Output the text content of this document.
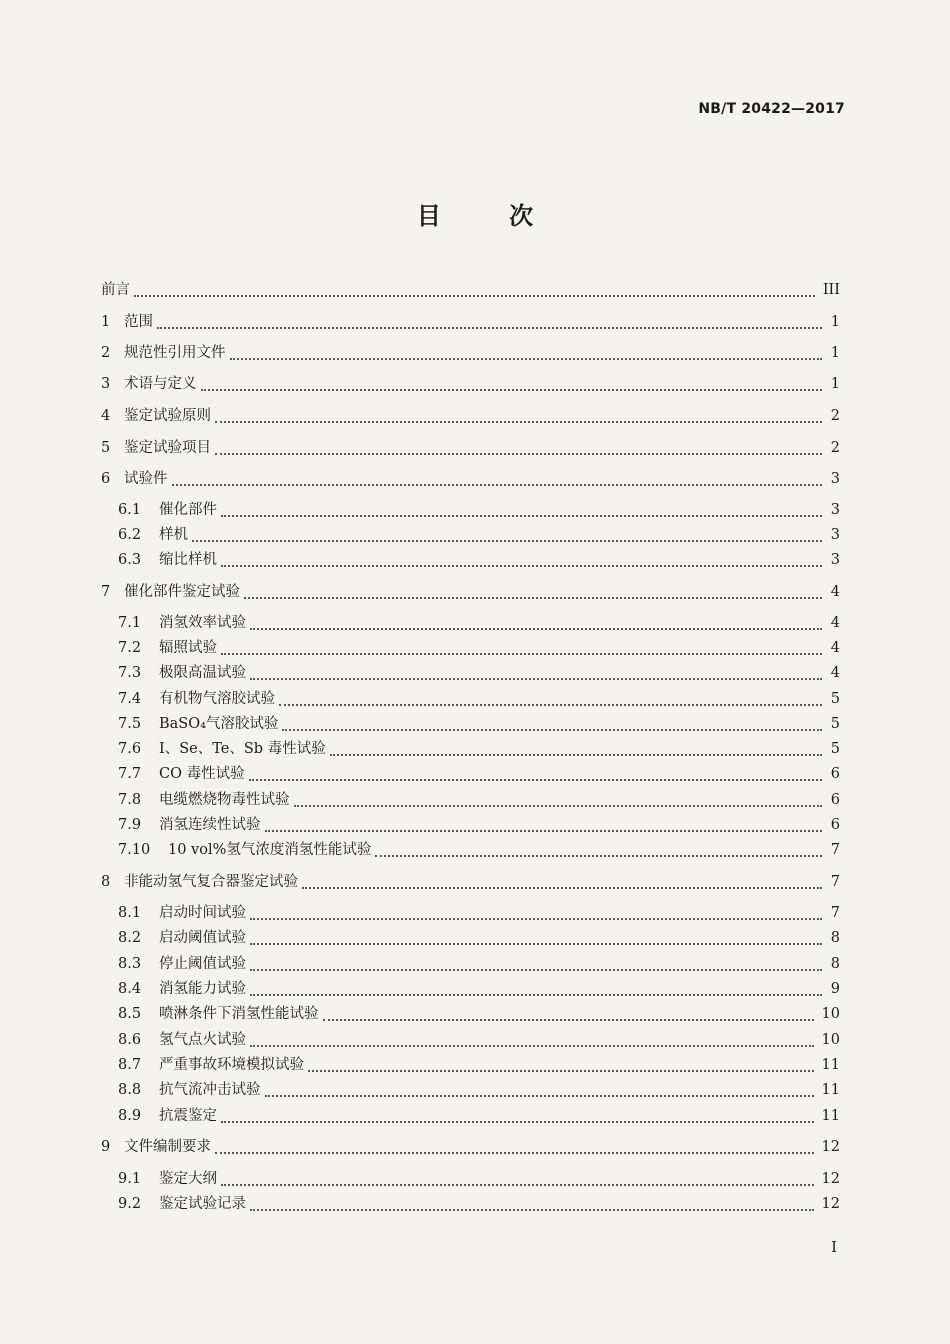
NB/T 20422—2017
目 次
前言	III
1 范围	1
2 规范性引用文件	1
3 术语与定义	1
4 鉴定试验原则	2
5 鉴定试验项目	2
6 试验件	3
6.1	催化部件	3
6.2	样机	3
6.3	缩比样机	3
7 催化部件鉴定试验	4
7.1	消氢效率试验	4
7.2	辐照试验	4
7.3	极限高温试验	4
7.4	有机物气溶胶试验	5
7.5	BaSO₄气溶胶试验	5
7.6	I、Se、Te、Sb 毒性试验	5
7.7	CO 毒性试验	6
7.8	电缆燃烧物毒性试验	6
7.9	消氢连续性试验	6
7.10	10 vol%氢气浓度消氢性能试验	7
8 非能动氢气复合器鉴定试验	7
8.1	启动时间试验	7
8.2	启动阈值试验	8
8.3	停止阈值试验	8
8.4	消氢能力试验	9
8.5	喷淋条件下消氢性能试验	10
8.6	氢气点火试验	10
8.7	严重事故环境模拟试验	11
8.8	抗气流冲击试验	11
8.9	抗震鉴定	11
9 文件编制要求	12
9.1	鉴定大纲	12
9.2	鉴定试验记录	12
I
